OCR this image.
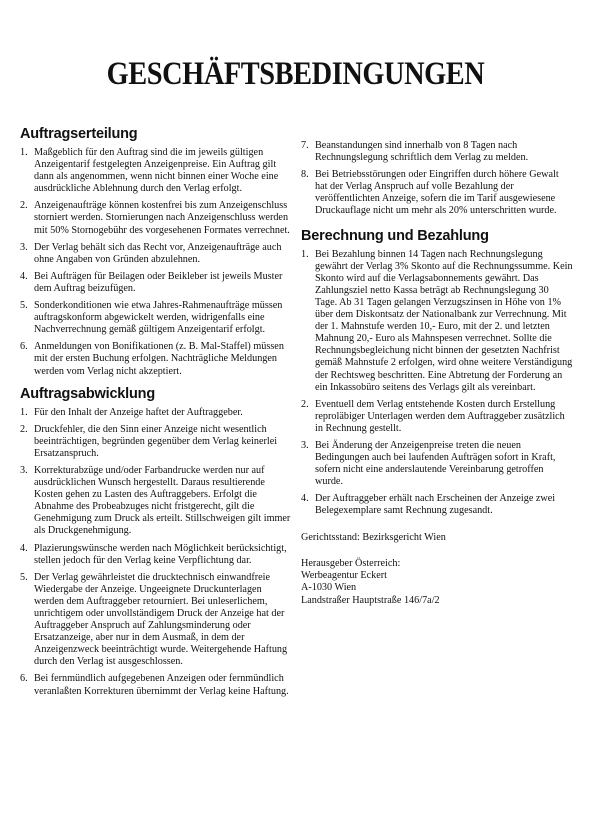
GESCHÄFTSBEDINGUNGEN
Auftragserteilung
1. Maßgeblich für den Auftrag sind die im jeweils gültigen Anzeigentarif festgelegten Anzeigenpreise. Ein Auftrag gilt dann als angenommen, wenn nicht binnen einer Woche eine ausdrückliche Ablehnung durch den Verlag erfolgt.
2. Anzeigenaufträge können kostenfrei bis zum Anzeigenschluss storniert werden. Stornierungen nach Anzeigenschluss werden mit 50% Stornogebühr des vorgesehenen Formates verrechnet.
3. Der Verlag behält sich das Recht vor, Anzeigenaufträge auch ohne Angaben von Gründen abzulehnen.
4. Bei Aufträgen für Beilagen oder Beikleber ist jeweils Muster dem Auftrag beizufügen.
5. Sonderkonditionen wie etwa Jahres-Rahmenaufträge müssen auftragskonform abgewickelt werden, widrigenfalls eine Nachverrechnung gemäß gültigem Anzeigentarif erfolgt.
6. Anmeldungen von Bonifikationen (z. B. Mal-Staffel) müssen mit der ersten Buchung erfolgen. Nachträgliche Meldungen werden vom Verlag nicht akzeptiert.
Auftragsabwicklung
1. Für den Inhalt der Anzeige haftet der Auftraggeber.
2. Druckfehler, die den Sinn einer Anzeige nicht wesentlich beeinträchtigen, begründen gegenüber dem Verlag keinerlei Ersatzanspruch.
3. Korrekturabzüge und/oder Farbandrucke werden nur auf ausdrücklichen Wunsch hergestellt. Daraus resultierende Kosten gehen zu Lasten des Auftraggebers. Erfolgt die Abnahme des Probeabzuges nicht fristgerecht, gilt die Genehmigung zum Druck als erteilt. Stillschweigen gilt immer als Druckgenehmigung.
4. Plazierungswünsche werden nach Möglichkeit berücksichtigt, stellen jedoch für den Verlag keine Verpflichtung dar.
5. Der Verlag gewährleistet die drucktechnisch einwandfreie Wiedergabe der Anzeige. Ungeeignete Druckunterlagen werden dem Auftraggeber retourniert. Bei unleserlichem, unrichtigem oder unvollständigem Druck der Anzeige hat der Auftraggeber Anspruch auf Zahlungsminderung oder Ersatzanzeige, aber nur in dem Ausmaß, in dem der Anzeigenzweck beeinträchtigt wurde. Weitergehende Haftung durch den Verlag ist ausgeschlossen.
6. Bei fernmündlich aufgegebenen Anzeigen oder fernmündlich veranlaßten Korrekturen übernimmt der Verlag keine Haftung.
7. Beanstandungen sind innerhalb von 8 Tagen nach Rechnungslegung schriftlich dem Verlag zu melden.
8. Bei Betriebsstörungen oder Eingriffen durch höhere Gewalt hat der Verlag Anspruch auf volle Bezahlung der veröffentlichten Anzeige, sofern die im Tarif ausgewiesene Druckauflage nicht um mehr als 20% unterschritten wurde.
Berechnung und Bezahlung
1. Bei Bezahlung binnen 14 Tagen nach Rechnungslegung gewährt der Verlag 3% Skonto auf die Rechnungssumme. Kein Skonto wird auf die Verlagsabonnements gewährt. Das Zahlungsziel netto Kassa beträgt ab Rechnungslegung 30 Tage. Ab 31 Tagen gelangen Verzugszinsen in Höhe von 1% über dem Diskontsatz der Nationalbank zur Verrechnung. Mit der 1. Mahnstufe werden 10,- Euro, mit der 2. und letzten Mahnung 20,- Euro als Mahnspesen verrechnet. Sollte die Rechnungsbegleichung nicht binnen der gesetzten Nachfrist gemäß Mahnstufe 2 erfolgen, wird ohne weitere Verständigung der Rechtsweg beschritten. Eine Abtretung der Forderung an ein Inkassobüro seitens des Verlags gilt als vereinbart.
2. Eventuell dem Verlag entstehende Kosten durch Erstellung reproläbiger Unterlagen werden dem Auftraggeber zusätzlich in Rechnung gestellt.
3. Bei Änderung der Anzeigenpreise treten die neuen Bedingungen auch bei laufenden Aufträgen sofort in Kraft, sofern nicht eine anderslautende Vereinbarung getroffen wurde.
4. Der Auftraggeber erhält nach Erscheinen der Anzeige zwei Belegexemplare samt Rechnung zugesandt.
Gerichtsstand: Bezirksgericht Wien
Herausgeber Österreich:
Werbeagentur Eckert
A-1030 Wien
Landstraßer Hauptstraße 146/7a/2
